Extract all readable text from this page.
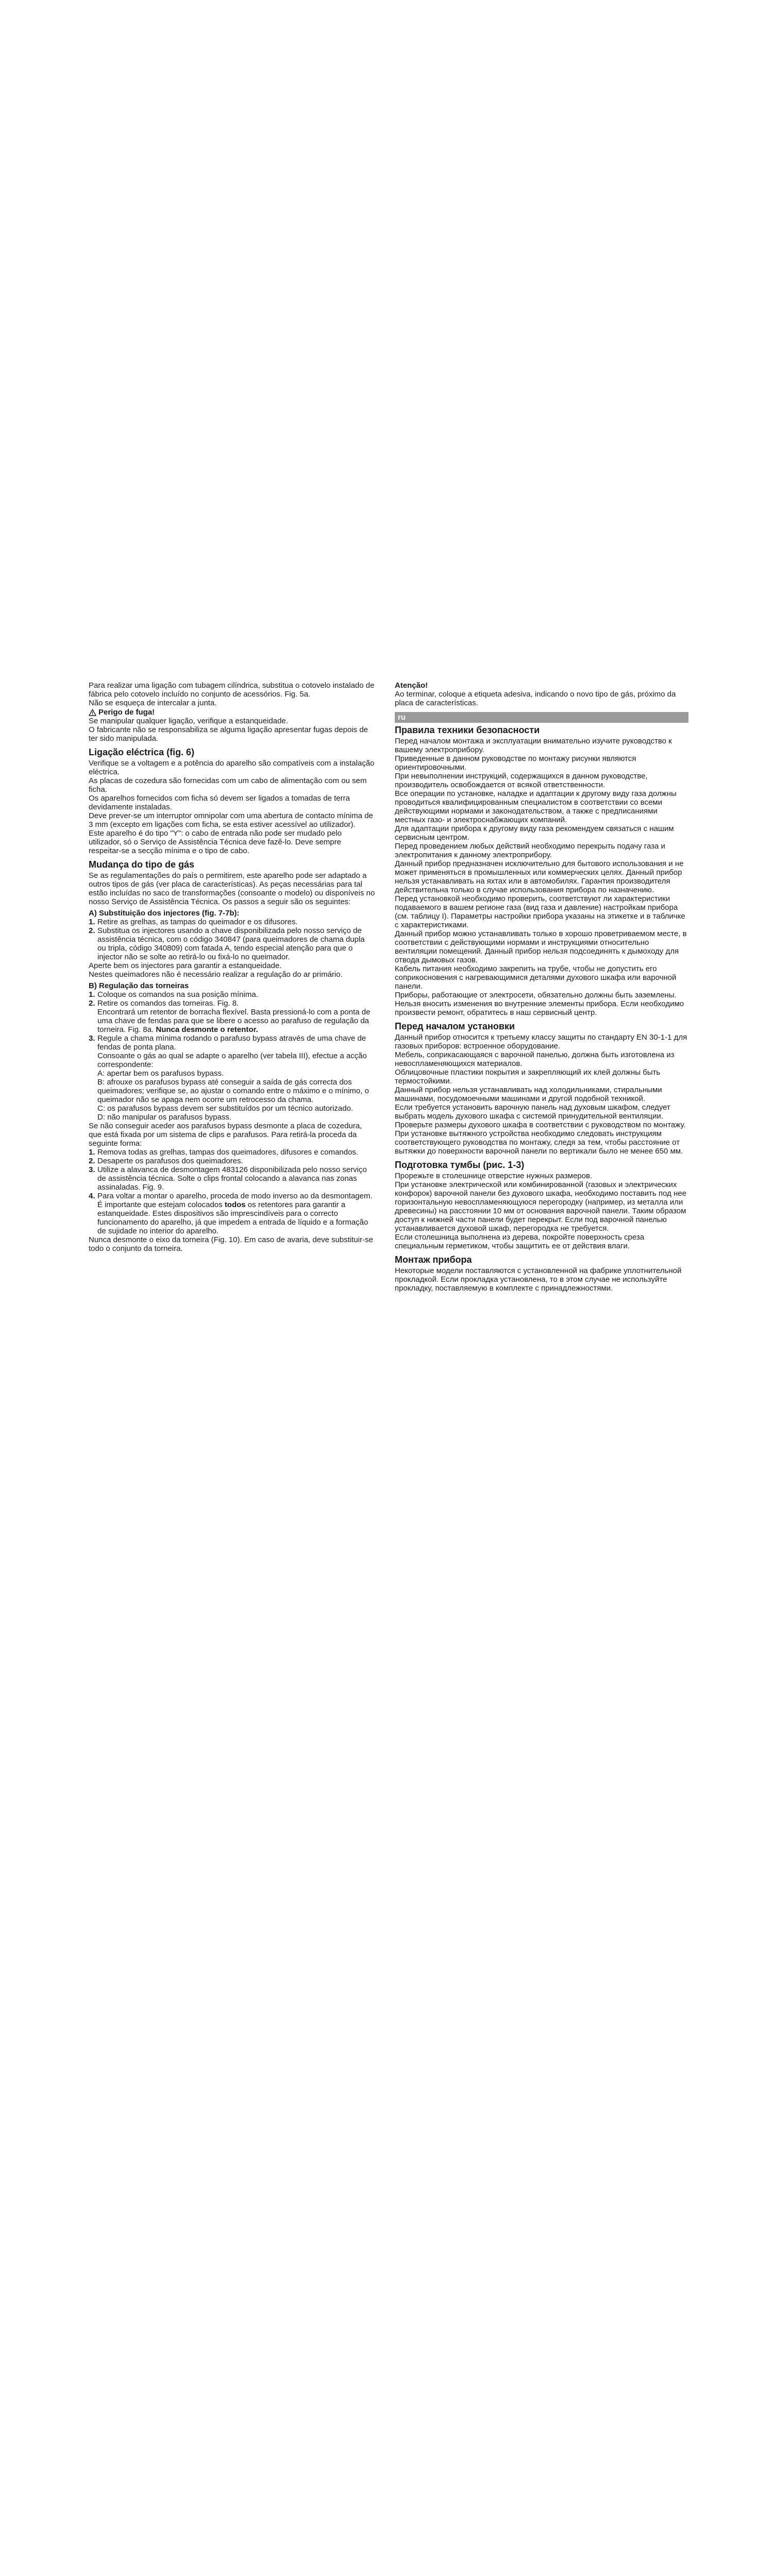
Para realizar uma ligação com tubagem cilíndrica, substitua o cotovelo instalado de fábrica pelo cotovelo incluído no conjunto de acessórios. Fig. 5a.

Não se esqueça de intercalar a junta.

Perigo de fuga!

Se manipular qualquer ligação, verifique a estanqueidade.

O fabricante não se responsabiliza se alguma ligação apresentar fugas depois de ter sido manipulada.

Ligação eléctrica (fig. 6)

Verifique se a voltagem e a potência do aparelho são compatíveis com a instalação eléctrica.

As placas de cozedura são fornecidas com um cabo de alimentação com ou sem ficha.

Os aparelhos fornecidos com ficha só devem ser ligados a tomadas de terra devidamente instaladas.

Deve prever-se um interruptor omnipolar com uma abertura de contacto mínima de 3 mm (excepto em ligações com ficha, se esta estiver acessível ao utilizador).

Este aparelho é do tipo "Y": o cabo de entrada não pode ser mudado pelo utilizador, só o Serviço de Assistência Técnica deve fazê-lo. Deve sempre respeitar-se a secção mínima e o tipo de cabo.

Mudança do tipo de gás

Se as regulamentações do país o permitirem, este aparelho pode ser adaptado a outros tipos de gás (ver placa de características). As peças necessárias para tal estão incluídas no saco de transformações (consoante o modelo) ou disponíveis no nosso Serviço de Assistência Técnica. Os passos a seguir são os seguintes:

A) Substituição dos injectores (fig. 7-7b):
1. Retire as grelhas, as tampas do queimador e os difusores.
2. Substitua os injectores usando a chave disponibilizada pelo nosso serviço de assistência técnica, com o código 340847 (para queimadores de chama dupla ou tripla, código 340809) com fatada A, tendo especial atenção para que o injector não se solte ao retirá-lo ou fixá-lo no queimador.

Aperte bem os injectores para garantir a estanqueidade.

Nestes queimadores não é necessário realizar a regulação do ar primário.

B) Regulação das torneiras
1. Coloque os comandos na sua posição mínima.
2. Retire os comandos das torneiras. Fig. 8.

Encontrará um retentor de borracha flexível. Basta pressioná-lo com a ponta de uma chave de fendas para que se libere o acesso ao parafuso de regulação da torneira. Fig. 8a. Nunca desmonte o retentor.

3. Regule a chama mínima rodando o parafuso bypass através de uma chave de fendas de ponta plana.

Consoante o gás ao qual se adapte o aparelho (ver tabela III), efectue a acção correspondente:

A: apertar bem os parafusos bypass.

B: afrouxe os parafusos bypass até conseguir a saída de gás correcta dos queimadores; verifique se, ao ajustar o comando entre o máximo e o mínimo, o queimador não se apaga nem ocorre um retrocesso da chama.

C: os parafusos bypass devem ser substituídos por um técnico autorizado.

D: não manipular os parafusos bypass.

Se não conseguir aceder aos parafusos bypass desmonte a placa de cozedura, que está fixada por um sistema de clips e parafusos. Para retirá-la proceda da seguinte forma:

1. Remova todas as grelhas, tampas dos queimadores, difusores e comandos.
2. Desaperte os parafusos dos queimadores.
3. Utilize a alavanca de desmontagem 483126 disponibilizada pelo nosso serviço de assistência técnica. Solte o clips frontal colocando a alavanca nas zonas assinaladas. Fig. 9.
4. Para voltar a montar o aparelho, proceda de modo inverso ao da desmontagem.

É importante que estejam colocados todos os retentores para garantir a estanqueidade. Estes dispositivos são imprescindíveis para o correcto funcionamento do aparelho, já que impedem a entrada de líquido e a formação de sujidade no interior do aparelho.

Nunca desmonte o eixo da torneira (Fig. 10). Em caso de avaria, deve substituir-se todo o conjunto da torneira.

Atenção!

Ao terminar, coloque a etiqueta adesiva, indicando o novo tipo de gás, próximo da placa de características.

ru
Правила техники безопасности

Перед началом монтажа и эксплуатации внимательно изучите руководство к вашему электроприбору.

Приведенные в данном руководстве по монтажу рисунки являются ориентировочными.

При невыполнении инструкций, содержащихся в данном руководстве, производитель освобождается от всякой ответственности.

Все операции по установке, наладке и адаптации к другому виду газа должны проводиться квалифицированным специалистом в соответствии со всеми действующими нормами и законодательством, а также с предписаниями местных газо- и электроснабжающих компаний.

Для адаптации прибора к другому виду газа рекомендуем связаться с нашим сервисным центром.

Перед проведением любых действий необходимо перекрыть подачу газа и электропитания к данному электроприбору.

Данный прибор предназначен исключительно для бытового использования и не может применяться в промышленных или коммерческих целях. Данный прибор нельзя устанавливать на яхтах или в автомобилях. Гарантия производителя действительна только в случае использования прибора по назначению.

Перед установкой необходимо проверить, соответствуют ли характеристики подаваемого в вашем регионе газа (вид газа и давление) настройкам прибора (см. таблицу I). Параметры настройки прибора указаны на этикетке и в табличке с характеристиками.

Данный прибор можно устанавливать только в хорошо проветриваемом месте, в соответствии с действующими нормами и инструкциями относительно вентиляции помещений. Данный прибор нельзя подсоединять к дымоходу для отвода дымовых газов.

Кабель питания необходимо закрепить на трубе, чтобы не допустить его соприкосновения с нагревающимися деталями духового шкафа или варочной панели.

Приборы, работающие от электросети, обязательно должны быть заземлены.

Нельзя вносить изменения во внутренние элементы прибора. Если необходимо произвести ремонт, обратитесь в наш сервисный центр.

Перед началом установки

Данный прибор относится к третьему классу защиты по стандарту EN 30-1-1 для газовых приборов: встроенное оборудование.

Мебель, соприкасающаяся с варочной панелью, должна быть изготовлена из невоспламеняющихся материалов.

Облицовочные пластики покрытия и закрепляющий их клей должны быть термостойкими.

Данный прибор нельзя устанавливать над холодильниками, стиральными машинами, посудомоечными машинами и другой подобной техникой.

Если требуется установить варочную панель над духовым шкафом, следует выбрать модель духового шкафа с системой принудительной вентиляции. Проверьте размеры духового шкафа в соответствии с руководством по монтажу.

При установке вытяжного устройства необходимо следовать инструкциям соответствующего руководства по монтажу, следя за тем, чтобы расстояние от вытяжки до поверхности варочной панели по вертикали было не менее 650 мм.

Подготовка тумбы (рис. 1-3)

Прорежьте в столешнице отверстие нужных размеров.

При установке электрической или комбинированной (газовых и электрических конфорок) варочной панели без духового шкафа, необходимо поставить под нее горизонтальную невоспламеняющуюся перегородку (например, из металла или древесины) на расстоянии 10 мм от основания варочной панели. Таким образом доступ к нижней части панели будет перекрыт. Если под варочной панелью устанавливается духовой шкаф, перегородка не требуется.

Если столешница выполнена из дерева, покройте поверхность среза специальным герметиком, чтобы защитить ее от действия влаги.

Монтаж прибора

Некоторые модели поставляются с установленной на фабрике уплотнительной прокладкой. Если прокладка установлена, то в этом случае не используйте прокладку, поставляемую в комплекте с принадлежностями.
